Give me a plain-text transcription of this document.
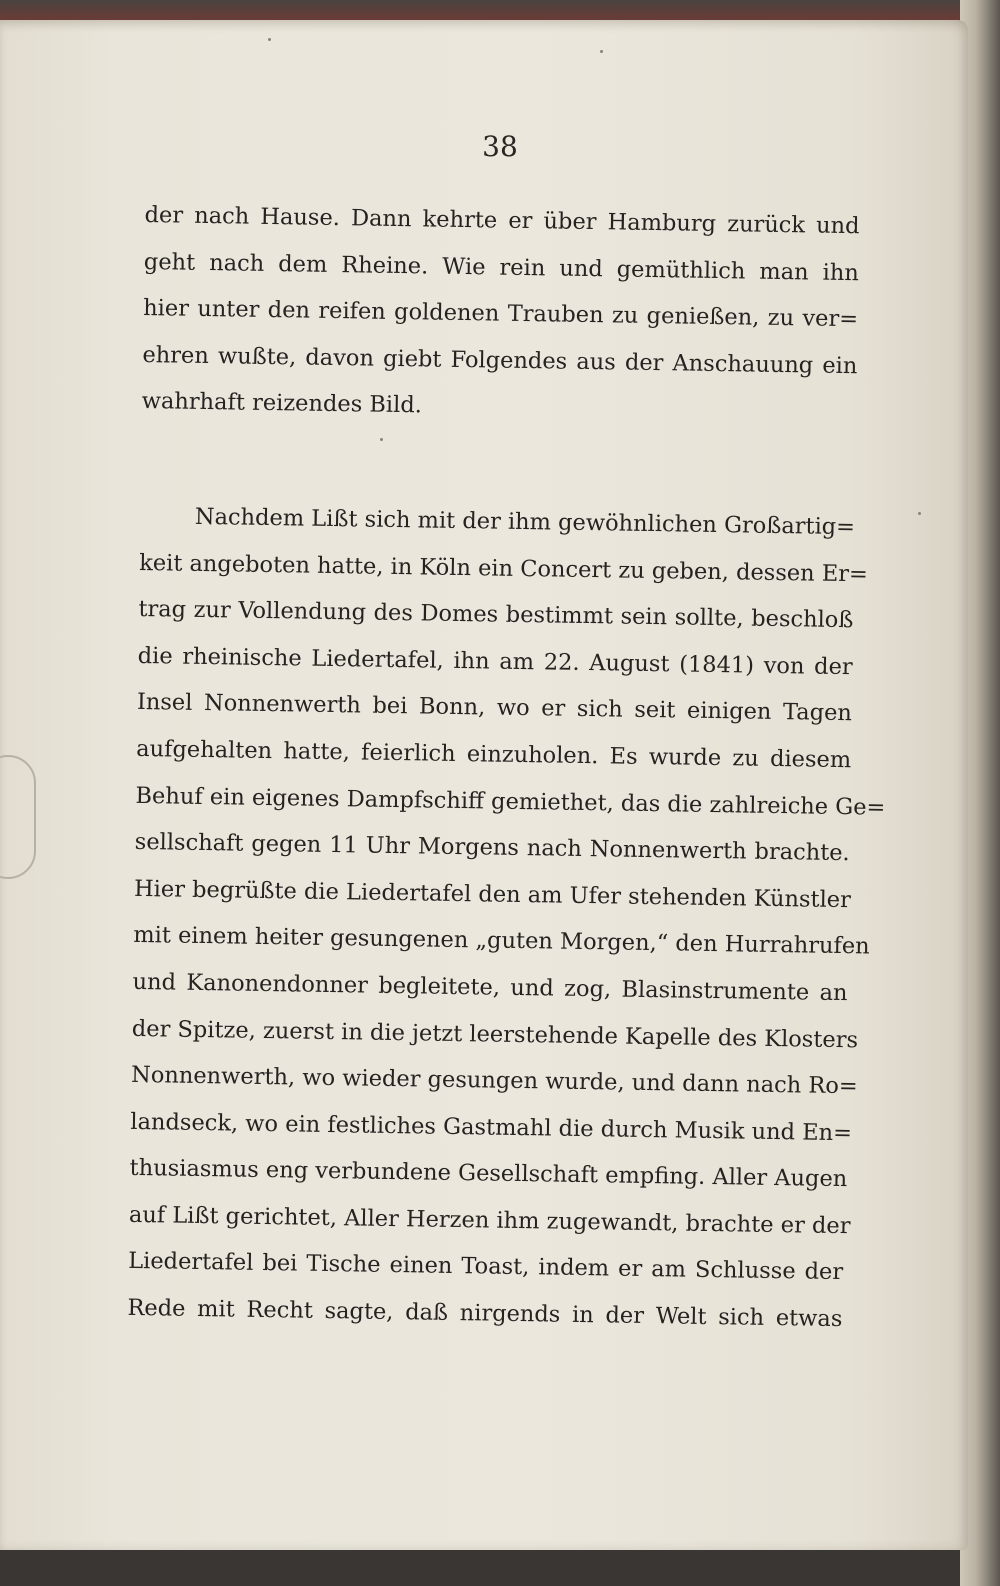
38
der nach Hause. Dann kehrte er über Hamburg zurück und
geht nach dem Rheine. Wie rein und gemüthlich man ihn
hier unter den reifen goldenen Trauben zu genießen, zu ver=
ehren wußte, davon giebt Folgendes aus der Anschauung ein
wahrhaft reizendes Bild.
Nachdem Lißt sich mit der ihm gewöhnlichen Großartig=
keit angeboten hatte, in Köln ein Concert zu geben, dessen Er=
trag zur Vollendung des Domes bestimmt sein sollte, beschloß
die rheinische Liedertafel, ihn am 22. August (1841) von der
Insel Nonnenwerth bei Bonn, wo er sich seit einigen Tagen
aufgehalten hatte, feierlich einzuholen. Es wurde zu diesem
Behuf ein eigenes Dampfschiff gemiethet, das die zahlreiche Ge=
sellschaft gegen 11 Uhr Morgens nach Nonnenwerth brachte.
Hier begrüßte die Liedertafel den am Ufer stehenden Künstler
mit einem heiter gesungenen „guten Morgen,“ den Hurrahrufen
und Kanonendonner begleitete, und zog, Blasinstrumente an
der Spitze, zuerst in die jetzt leerstehende Kapelle des Klosters
Nonnenwerth, wo wieder gesungen wurde, und dann nach Ro=
landseck, wo ein festliches Gastmahl die durch Musik und En=
thusiasmus eng verbundene Gesellschaft empfing. Aller Augen
auf Lißt gerichtet, Aller Herzen ihm zugewandt, brachte er der
Liedertafel bei Tische einen Toast, indem er am Schlusse der
Rede mit Recht sagte, daß nirgends in der Welt sich etwas
